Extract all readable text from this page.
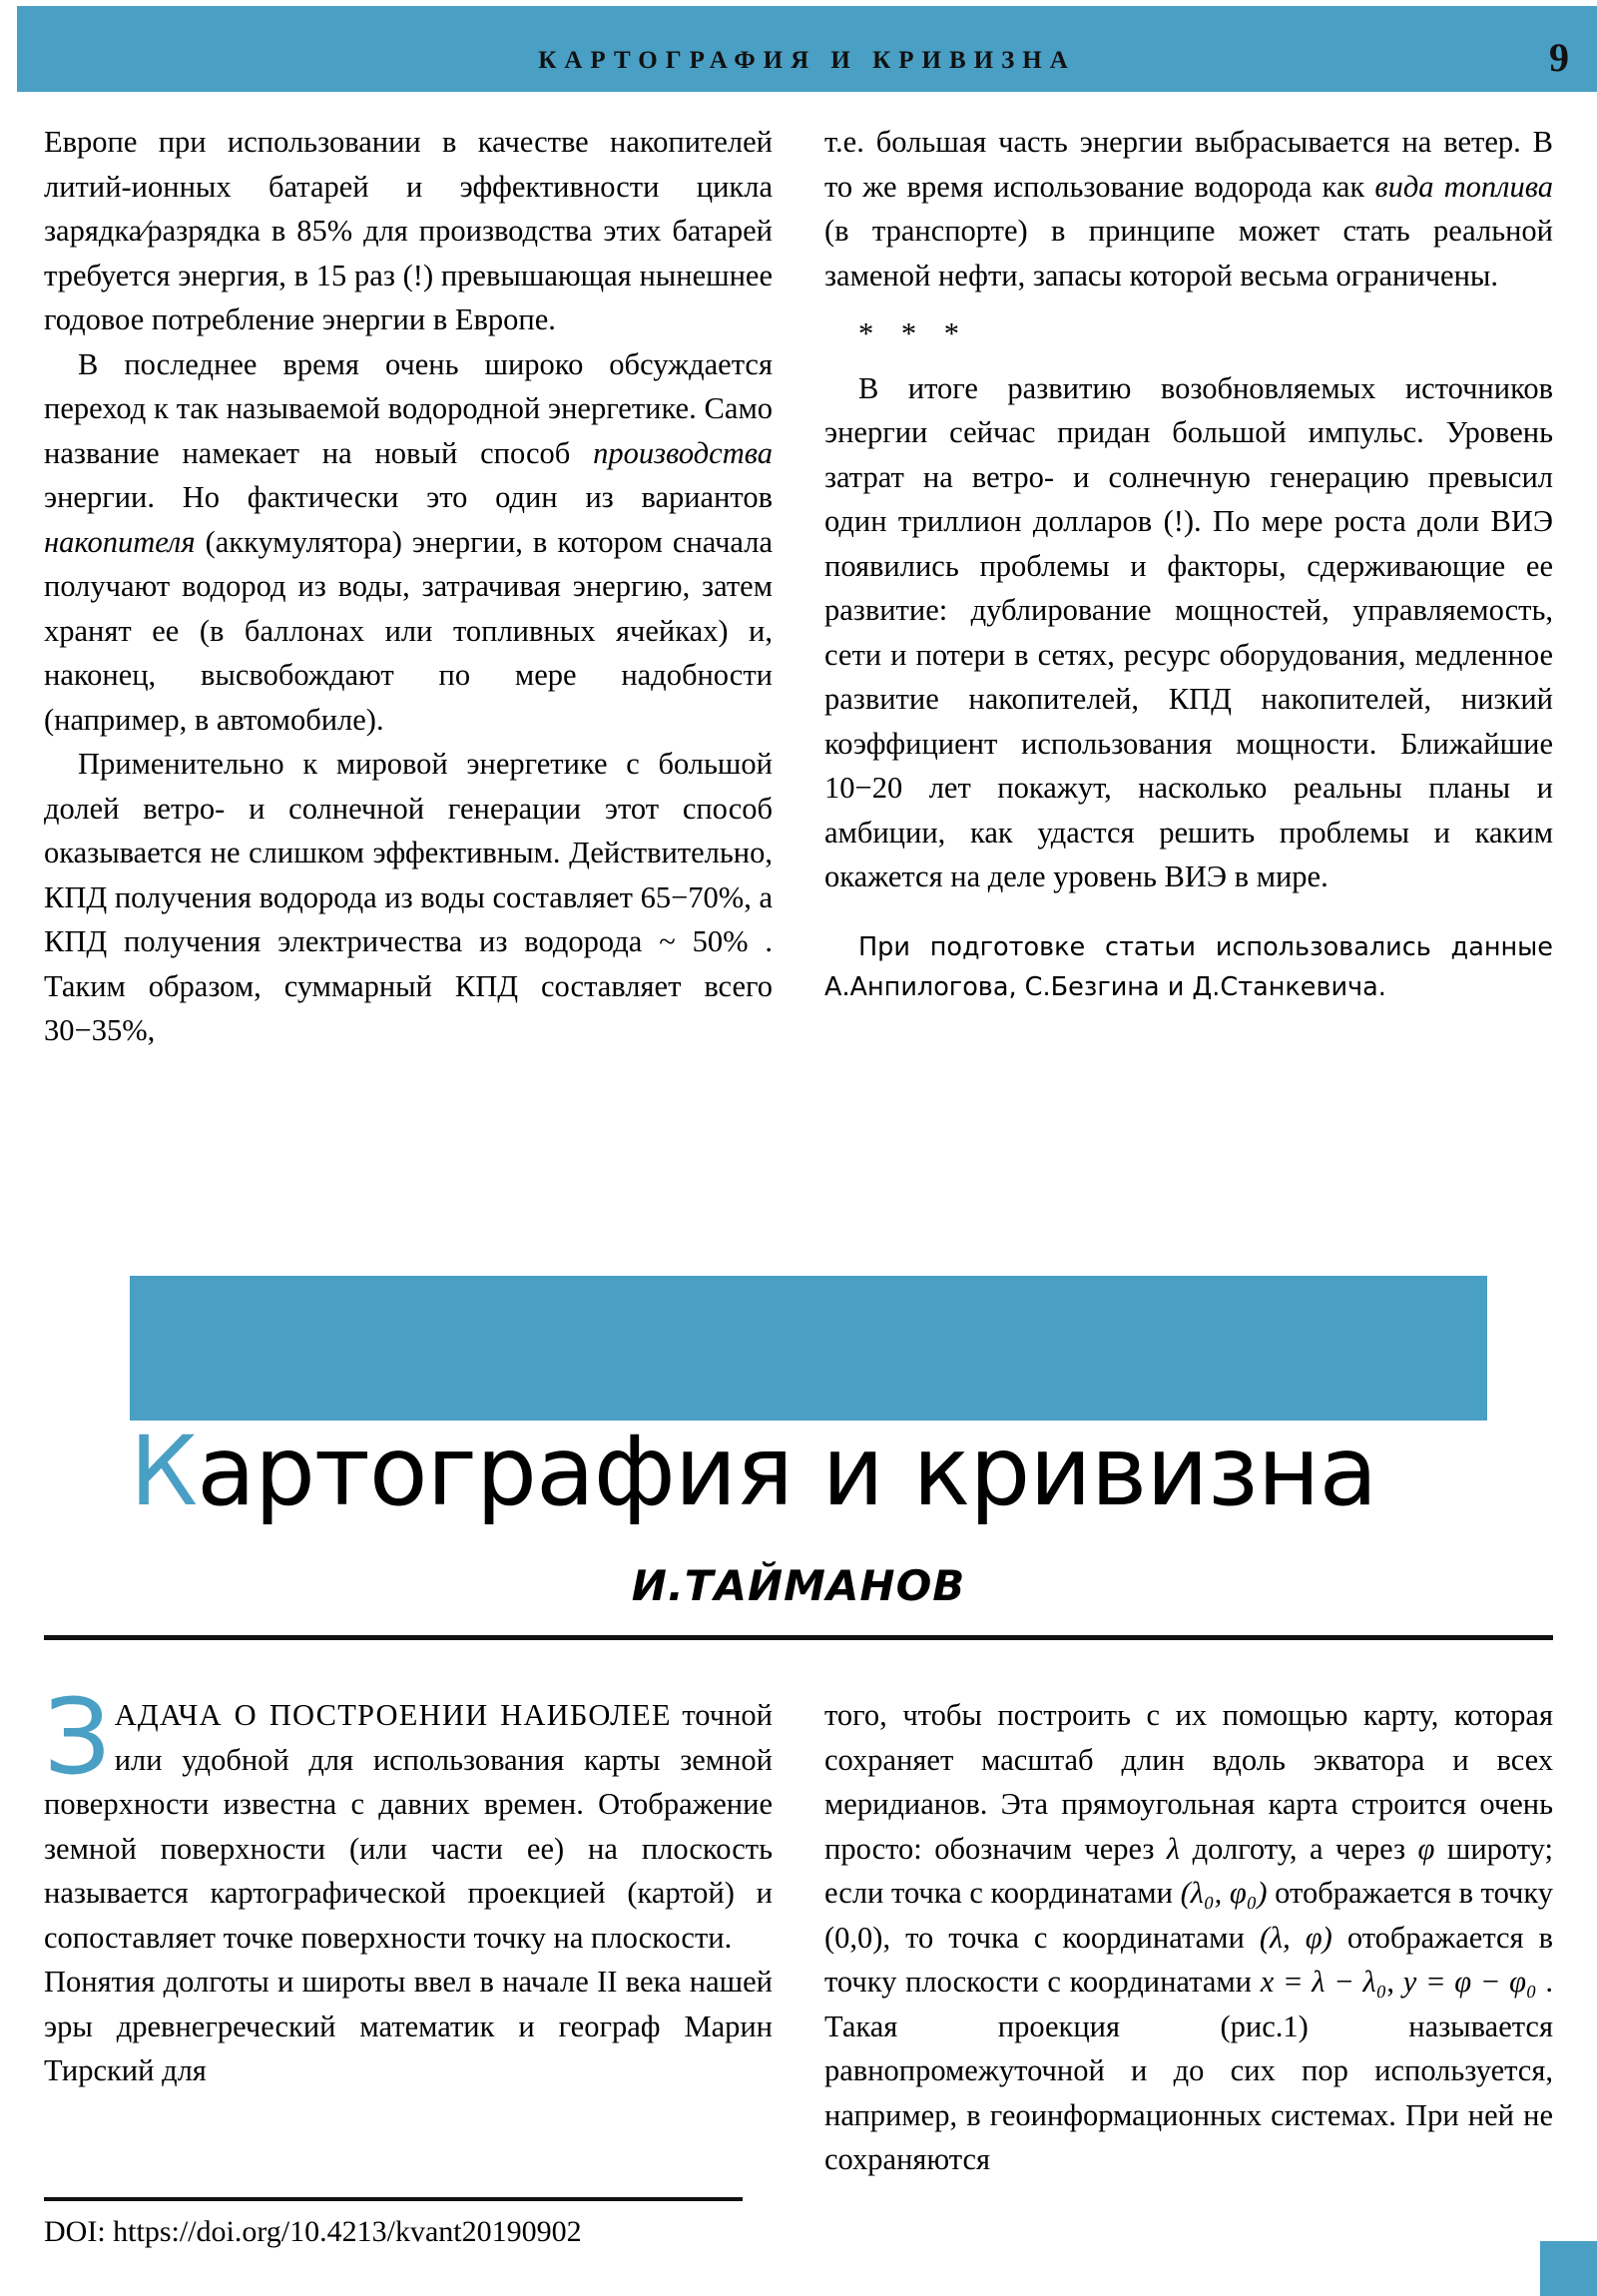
КАРТОГРАФИЯ И КРИВИЗНА	9

Европе при использовании в качестве накопителей литий-ионных батарей и эффективности цикла зарядка⁄разрядка в 85% для производства этих батарей требуется энергия, в 15 раз (!) превышающая нынешнее годовое потребление энергии в Европе.

В последнее время очень широко обсуждается переход к так называемой водородной энергетике. Само название намекает на новый способ производства энергии. Но фактически это один из вариантов накопителя (аккумулятора) энергии, в котором сначала получают водород из воды, затрачивая энергию, затем хранят ее (в баллонах или топливных ячейках) и, наконец, высвобождают по мере надобности (например, в автомобиле).

Применительно к мировой энергетике с большой долей ветро- и солнечной генерации этот способ оказывается не слишком эффективным. Действительно, КПД получения водорода из воды составляет 65−70%, а КПД получения электричества из водорода ~ 50% . Таким образом, суммарный КПД составляет всего 30−35%,

т.е. большая часть энергии выбрасывается на ветер. В то же время использование водорода как вида топлива (в транспорте) в принципе может стать реальной заменой нефти, запасы которой весьма ограничены.

* * *

В итоге развитию возобновляемых источников энергии сейчас придан большой импульс. Уровень затрат на ветро- и солнечную генерацию превысил один триллион долларов (!). По мере роста доли ВИЭ появились проблемы и факторы, сдерживающие ее развитие: дублирование мощностей, управляемость, сети и потери в сетях, ресурс оборудования, медленное развитие накопителей, КПД накопителей, низкий коэффициент использования мощности. Ближайшие 10−20 лет покажут, насколько реальны планы и амбиции, как удастся решить проблемы и каким окажется на деле уровень ВИЭ в мире.

При подготовке статьи использовались данные А.Анпилогова, С.Безгина и Д.Станкевича.

Картография и кривизна
И.ТАЙМАНОВ

ЗАДАЧА О ПОСТРОЕНИИ НАИБОЛЕЕ точной или удобной для использования карты земной поверхности известна с давних времен. Отображение земной поверхности (или части ее) на плоскость называется картографической проекцией (картой) и сопоставляет точке поверхности точку на плоскости.

Понятия долготы и широты ввел в начале II века нашей эры древнегреческий математик и географ Марин Тирский для

того, чтобы построить с их помощью карту, которая сохраняет масштаб длин вдоль экватора и всех меридианов. Эта прямоугольная карта строится очень просто: обозначим через λ долготу, а через φ широту; если точка с координатами (λ₀, φ₀) отображается в точку (0,0), то точка с координатами (λ, φ) отображается в точку плоскости с координатами x = λ − λ₀, y = φ − φ₀ . Такая проекция (рис.1) называется равнопромежуточной и до сих пор используется, например, в геоинформационных системах. При ней не сохраняются

DOI: https://doi.org/10.4213/kvant20190902
